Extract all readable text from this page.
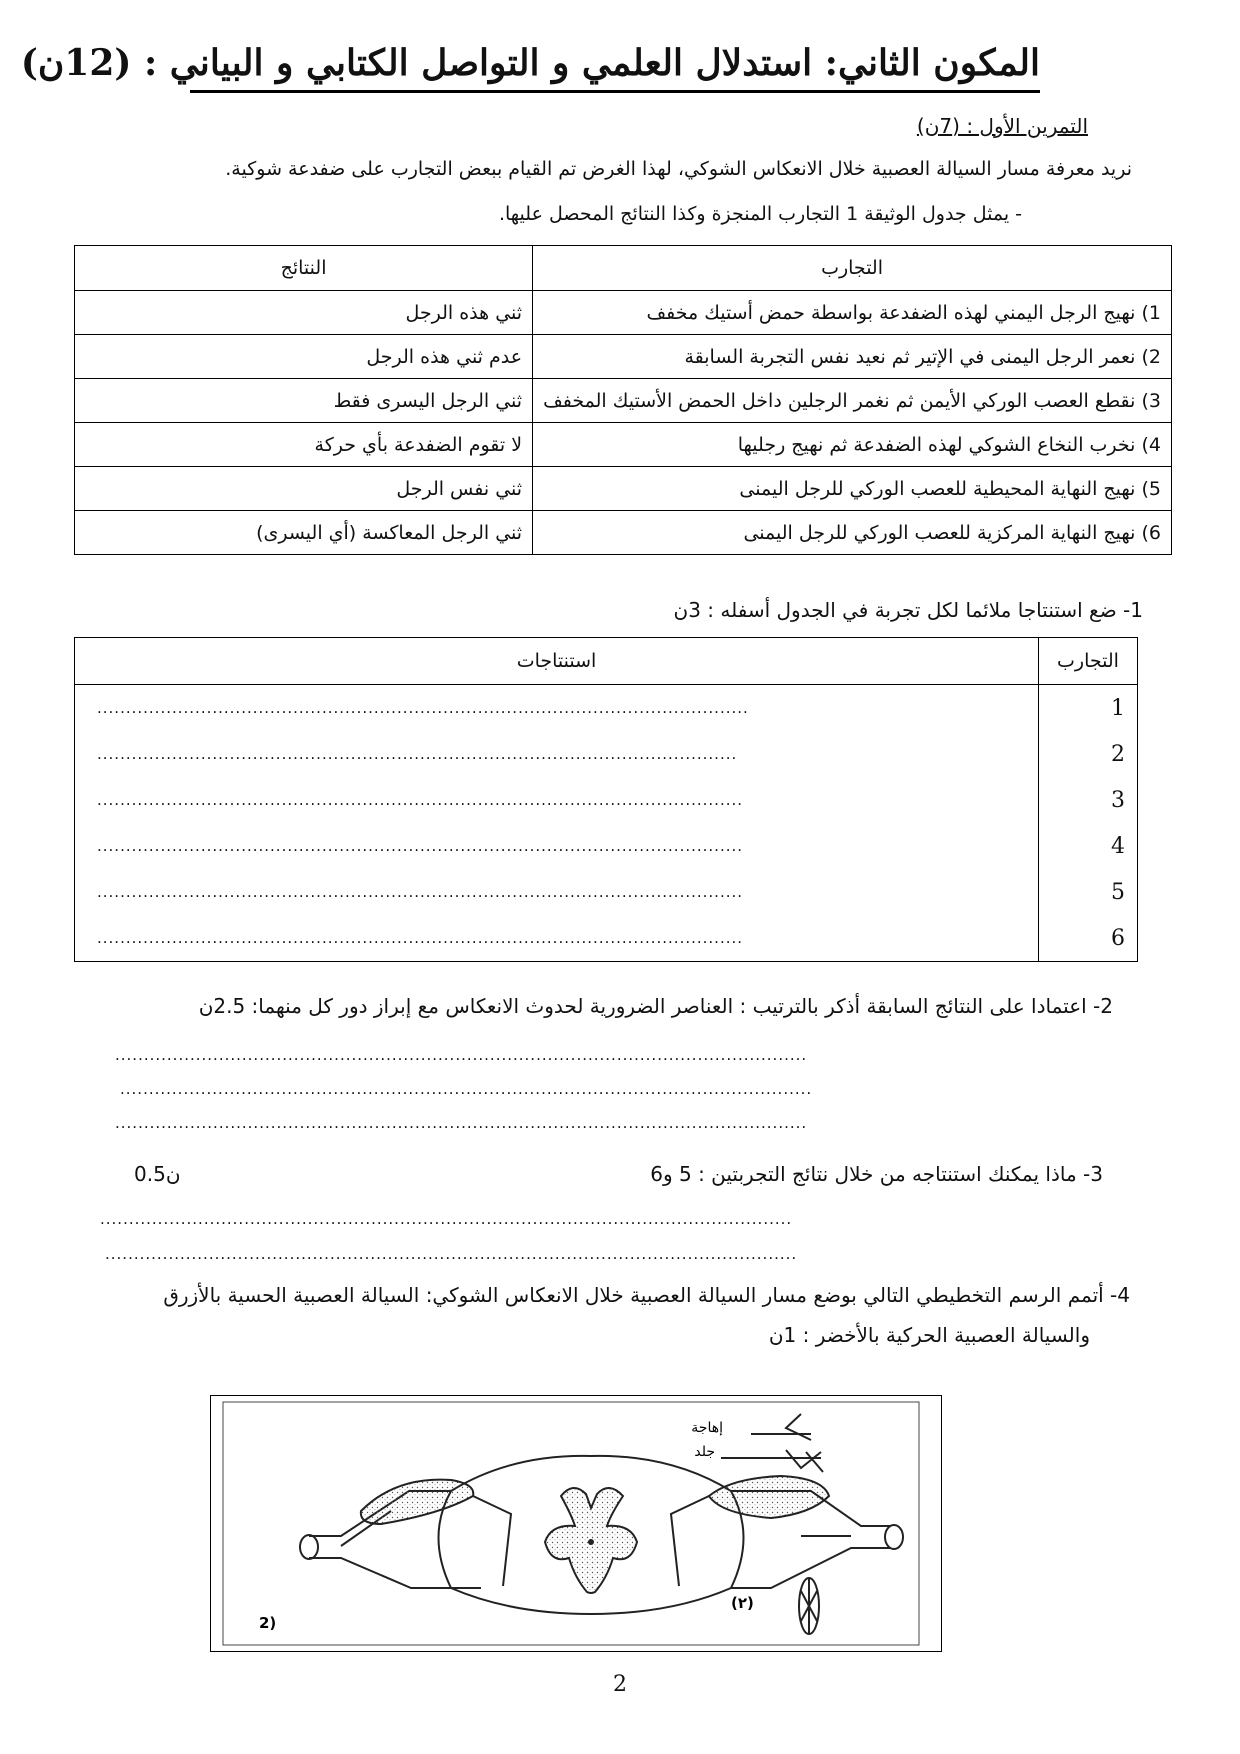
المكون الثاني: استدلال العلمي و التواصل الكتابي و البياني : (12ن)
التمرين الأول : (7ن)
نريد معرفة مسار السيالة العصبية خلال الانعكاس الشوكي، لهذا الغرض تم القيام ببعض التجارب على ضفدعة شوكية.
- يمثل جدول الوثيقة 1 التجارب المنجزة وكذا النتائج المحصل عليها.
التجارب	النتائج
1) نهيج الرجل اليمني لهذه الضفدعة بواسطة حمض أستيك مخفف	ثني هذه الرجل
2) نعمر الرجل اليمنى في الإتير ثم نعيد نفس التجربة السابقة	عدم ثني هذه الرجل
3) نقطع العصب الوركي الأيمن ثم نغمر الرجلين داخل الحمض الأستيك المخفف	ثني الرجل اليسرى فقط
4) نخرب النخاع الشوكي لهذه الضفدعة ثم نهيج رجليها	لا تقوم الضفدعة بأي حركة
5) نهيج النهاية المحيطية للعصب الوركي للرجل اليمنى	ثني نفس الرجل
6) نهيج النهاية المركزية للعصب الوركي للرجل اليمنى	ثني الرجل المعاكسة (أي اليسرى)
1- ضع استنتاجا ملائما لكل تجربة في الجدول أسفله : 3ن
التجارب	استنتاجات
1	.................................................................................................................
2	...............................................................................................................
3	................................................................................................................
4	................................................................................................................
5	................................................................................................................
6	................................................................................................................
2- اعتمادا على النتائج السابقة أذكر بالترتيب : العناصر الضرورية لحدوث الانعكاس مع إبراز دور كل منهما: 2.5ن
........................................................................................................................
........................................................................................................................
........................................................................................................................
3- ماذا يمكنك استنتاجه من خلال نتائج التجربتين : 5 و6
0.5ن
........................................................................................................................
........................................................................................................................
4- أتمم الرسم التخطيطي التالي بوضع مسار السيالة العصبية خلال الانعكاس الشوكي: السيالة العصبية الحسية بالأزرق
والسيالة العصبية الحركية بالأخضر : 1ن
إهاجة
جلد
(۲)
2)
2
